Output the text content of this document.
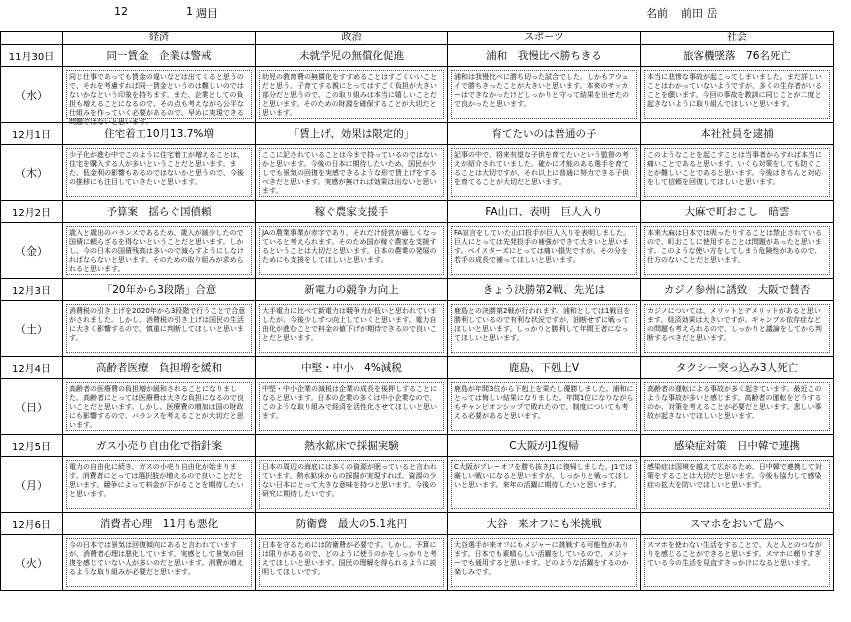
12	1 週目	名前 前田 岳
	経済	政治	スポーツ	社会
11月30日	同一賃金　企業は警戒	未就学児の無償化促進	浦和　我慢比べ勝ちきる	旅客機墜落　76名死亡
（水）	同じ仕事であっても賃金の違いなどは出てくると思うので、それを考慮すれば同一賃金というのは難しいのではないかなという印象を持ちます。また、企業としての負担も増えることになるので、その点も考えながら公平な仕組みを作っていく必要があるので、早めに実現できる問題ではないと思います。	幼児の教育費の無償化をすすめることはすごくいいことだと思う。子育てする親にとってはすごく負担が大きい部分だと思うので、この取り組みは本当に嬉しいことだと思います。そのための財源を確保することが大切だと思います。	浦和は我慢比べに勝ち切った試合でした。しかもアウェイで勝ちきったことが大きいと思います。本来のサッカーはできなかったけどしっかりと守って結果を出せたので良かったと思います。	本当に悲惨な事故が起こってしまいました。まだ詳しいことはわかっていないようですが、多くの生存者がいることを願います。今回の事故を教訓に同じことが二度と起きないように取り組んでほしいと思います。

12月1日	住宅着工10月13.7%増	「賃上げ、効果は限定的」	育てたいのは普通の子	本社社員を逮捕
（木）	少子化が進む中でこのように住宅着工が増えることは、住宅を購入する人が多いということだと思います。また、低金利の影響もあるのではないかと思うので、今後の推移にも注目していきたいと思います。	ここに記されていることは今まで持っているのではないかと思います。今後の日本に期待したいため、国民が少しでも景気の回復を実感できるような形で賃上げをするべきだと思います。実感が無ければ効果は出ないと思います。	記事の中で、将来有望な子供を育てたいという監督の考えが紹介されていました。確かに才能のある選手を育てることは大切ですが、それ以上に普通に努力できる子供を育てることが大切だと思います。	このようなことを起こすことは当事者からすれば本当に痛いことであると思います。いくら対策をしても防ぐことが難しいことであると思います。今後はきちんと対応をして信頼を回復してほしいと思います。

12月2日	予算案　揺らぐ国債頼	稼ぐ農家支援手	FA山口、表明　巨人入り	大麻で町おこし　暗雲
（金）	歳入と歳出のバランスであるため、歳入が減少したので国債に頼らざるを得ないということだと思います。しかし、今の日本の国債残高は多いので減らすようにしなければならないと思います。そのための取り組みが求められると思います。	JAの農業事業が赤字であり、それだけ経営が厳しくなっていると考えられます。そのため国が稼ぐ農家を支援するということは大切だと思います。日本の農業の発展のためにも支援をしてほしいと思います。	FA宣言をしていた山口投手が巨人入りを表明しました。巨人にとっては先発投手の補強ができて大きいと思います。ベイスターズにとっては痛い損失ですが、その分を若手の成長で補ってほしいと思います。	本来大麻は日本では吸ったりすることは禁止されているので、町おこしに使用することは問題があったと思います。このような使い方をしてしまう危険性があるので、仕方のないことだと思います。

12月3日	「20年から3段階」合意	新電力の競争力向上	きょう決勝第2戦、先光は	カジノ参州に誘致　大阪で賛否
（土）	消費税の引き上げを2020年から3段階で行うことで合意がされました。しかし、消費税の引き上げは国民の生活に大きく影響するので、慎重に判断してほしいと思います。	大手電力に比べて新電力は競争力が低いと思われていましたが、今後少しずつ向上していくと思います。電力自由化が進むことで料金の値下げが期待できるので良いことだと思います。	鹿島との決勝第2戦が行われます。浦和としては1戦目を勝利しているので有利な状況ですが、油断せずに戦ってほしいと思います。しっかりと勝利して年間王者になってほしいと思います。	カジノについては、メリットとデメリットがあると思います。経済効果は大きいですが、ギャンブル依存症などの問題も考えられるので、しっかりと議論をしてから判断するべきだと思います。

12月4日	高齢者医療　負担増を緩和	中堅・中小　4%減税	鹿島、下剋上V	タクシー突っ込み3人死亡
（日）	高齢者の医療費の負担増が緩和されることになりました。高齢者にとっては医療費は大きな負担になるので良いことだと思います。しかし、医療費の増加は国の財政にも影響するので、バランスを考えることが大切だと思います。	中堅・中小企業の減税は企業の成長を後押しすることになると思います。日本の企業の多くは中小企業なので、このような取り組みで経済を活性化させてほしいと思います。	鹿島が年間3位から下剋上を果たし優勝しました。浦和にとっては悔しい結果になりました。年間1位になりながらもチャンピオンシップで敗れたので、制度についても考える必要があると思います。	高齢者の運転による事故が多く起きています。最近このような事故が多いと感じます。高齢者の運転をどうするのか、対策を考えることが必要だと思います。悲しい事故が起きないでほしいと思います。

12月5日	ガス小売り自由化で指針案	熱水鉱床で採掘実験	C大阪がJ1復帰	感染症対策　日中韓で連携
（月）	電力の自由化に続き、ガスの小売り自由化が始まります。消費者にとっては選択肢が増えるので良いことだと思います。競争によって料金が下がることを期待したいと思います。	日本の周辺の海底には多くの資源が眠っていると言われています。熱水鉱床からの採掘が実現すれば、資源の少ない日本にとって大きな意味を持つと思います。今後の研究に期待したいです。	C大阪がプレーオフを勝ち抜きJ1に復帰しました。J1では厳しい戦いになると思いますが、しっかりと戦ってほしいと思います。来年の活躍に期待したいと思います。	感染症は国境を越えて広がるため、日中韓で連携して対策をすることは大切だと思います。今後も協力して感染症の拡大を防いでほしいと思います。

12月6日	消費者心理　11月も悪化	防衛費　最大の5.1兆円	大谷　来オフにも米挑戦	スマホをおいて島へ
（火）	今の日本では景気は回復傾向にあると言われていますが、消費者心理は悪化しています。実感として景気の回復を感じていない人が多いのだと思います。消費が増えるような取り組みが必要だと思います。	日本を守るためには防衛費が必要です。しかし、予算には限りがあるので、どのように使うのかをしっかりと考えてほしいと思います。国民の理解を得られるように説明してほしいです。	大谷選手が来オフにもメジャーに挑戦する可能性があります。日本でも素晴らしい活躍をしているので、メジャーでも通用すると思います。どのような活躍をするのか楽しみです。	スマホを使わない生活をすることで、人と人とのつながりを感じることができると思います。スマホに頼りすぎている今の生活を見直すきっかけになると思います。
